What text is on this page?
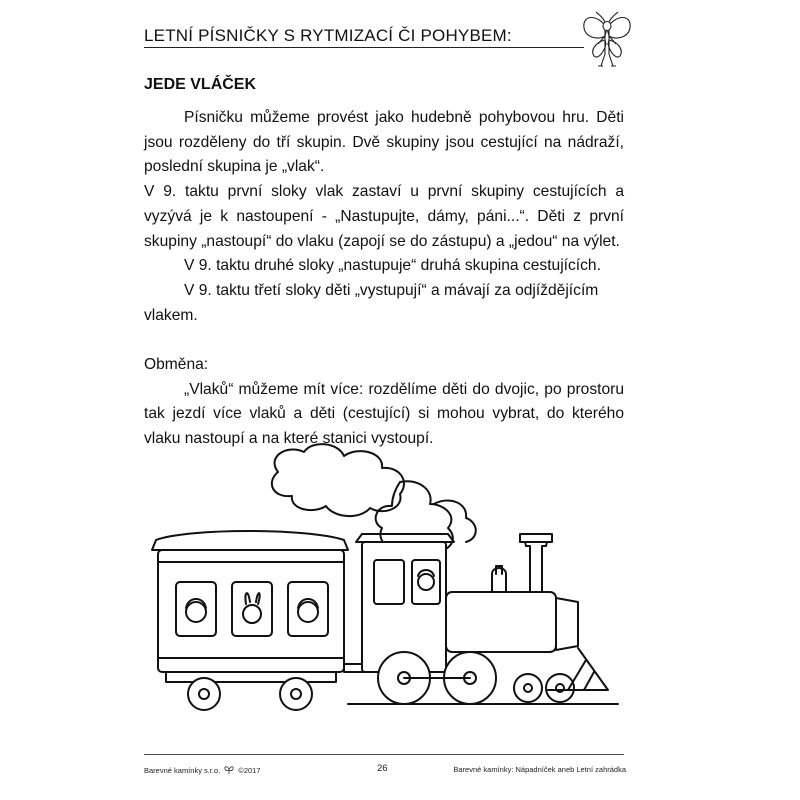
LETNÍ PÍSNIČKY S RYTMIZACÍ ČI POHYBEM:
JEDE VLÁČEK

Písničku můžeme provést jako hudebně pohybovou hru. Děti jsou rozděleny do tří skupin. Dvě skupiny jsou cestující na nádraží, poslední skupina je „vlak“.

V 9. taktu první sloky vlak zastaví u první skupiny cestujících a vyzývá je k nastoupení - „Nastupujte, dámy, páni...“. Děti z první skupiny „nastoupí“ do vlaku (zapojí se do zástupu) a „jedou“ na výlet.

V 9. taktu druhé sloky „nastupuje“ druhá skupina cestujících.

V 9. taktu třetí sloky děti „vystupují“ a mávají za odjíždějícím vlakem.

Obměna:

„Vlaků“ můžeme mít více: rozdělíme děti do dvojic, po prostoru tak jezdí více vlaků a děti (cestující) si mohou vybrat, do kterého vlaku nastoupí a na které stanici vystoupí.

Barevné kamínky s.r.o. ©2017	26	Barevné kamínky: Nápadníček aneb Letní zahrádka
